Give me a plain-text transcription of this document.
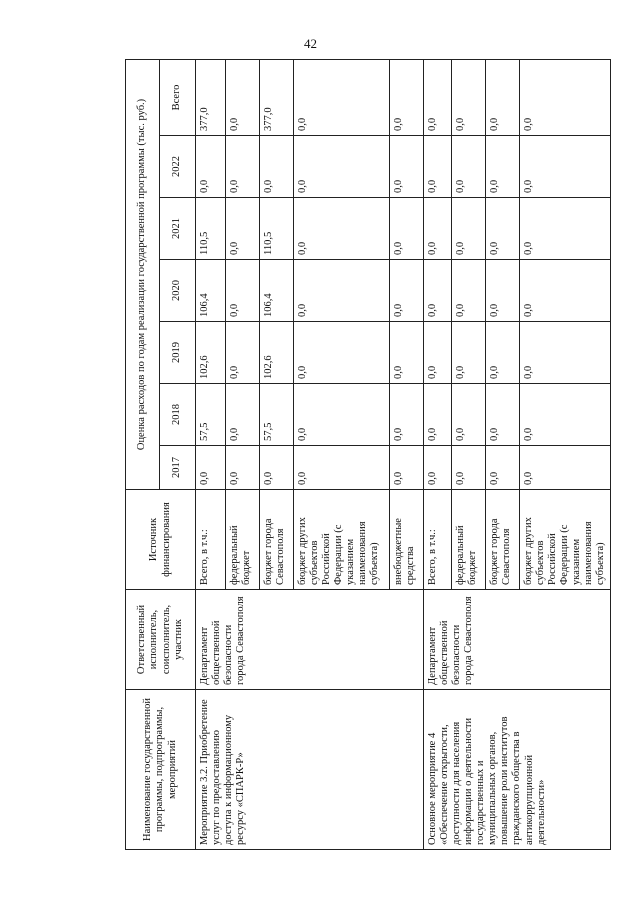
42
Наименование государственной программы, подпрограммы, мероприятий	Ответственный исполнитель, соисполнитель, участник	Источник финансирования	Оценка расходов по годам реализации государственной программы (тыс. руб.)						
			2017	2018	2019	2020	2021	2022	Всего
Мероприятие 3.2. Приобретение услуг по предоставлению доступа к информационному ресурсу «СПАРК-Р»	Департамент общественной безопасности города Севастополя	Всего, в т.ч.:	0,0	57,5	102,6	106,4	110,5	0,0	377,0
		федеральный бюджет	0,0	0,0	0,0	0,0	0,0	0,0	0,0
		бюджет города Севастополя	0,0	57,5	102,6	106,4	110,5	0,0	377,0
		бюджет других субъектов Российской Федерации (с указанием наименования субъекта)	0,0	0,0	0,0	0,0	0,0	0,0	0,0
		внебюджетные средства	0,0	0,0	0,0	0,0	0,0	0,0	0,0
Основное мероприятие 4 «Обеспечение открытости, доступности для населения информации о деятельности государственных и муниципальных органов, повышение роли институтов гражданского общества в антикоррупционной деятельности»	Департамент общественной безопасности города Севастополя	Всего, в т.ч.:	0,0	0,0	0,0	0,0	0,0	0,0	0,0
		федеральный бюджет	0,0	0,0	0,0	0,0	0,0	0,0	0,0
		бюджет города Севастополя	0,0	0,0	0,0	0,0	0,0	0,0	0,0
		бюджет других субъектов Российской Федерации (с указанием наименования субъекта)	0,0	0,0	0,0	0,0	0,0	0,0	0,0
